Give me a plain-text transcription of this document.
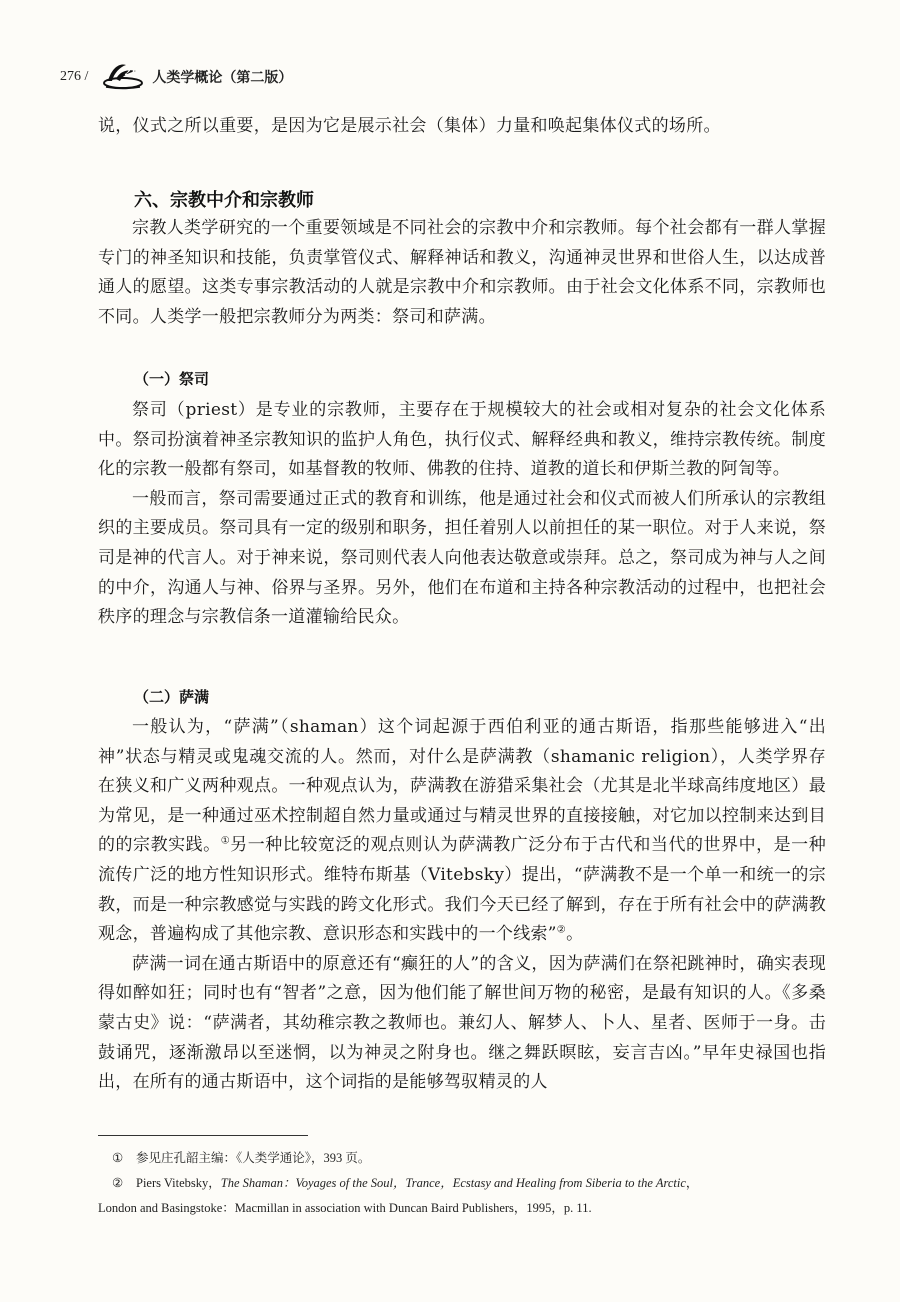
276 /	21 人类学概论（第二版）

说，仪式之所以重要，是因为它是展示社会（集体）力量和唤起集体仪式的场所。

六、宗教中介和宗教师

宗教人类学研究的一个重要领域是不同社会的宗教中介和宗教师。每个社会都有一群人掌握专门的神圣知识和技能，负责掌管仪式、解释神话和教义，沟通神灵世界和世俗人生，以达成普通人的愿望。这类专事宗教活动的人就是宗教中介和宗教师。由于社会文化体系不同，宗教师也不同。人类学一般把宗教师分为两类：祭司和萨满。

（一）祭司

祭司（priest）是专业的宗教师，主要存在于规模较大的社会或相对复杂的社会文化体系中。祭司扮演着神圣宗教知识的监护人角色，执行仪式、解释经典和教义，维持宗教传统。制度化的宗教一般都有祭司，如基督教的牧师、佛教的住持、道教的道长和伊斯兰教的阿訇等。

一般而言，祭司需要通过正式的教育和训练，他是通过社会和仪式而被人们所承认的宗教组织的主要成员。祭司具有一定的级别和职务，担任着别人以前担任的某一职位。对于人来说，祭司是神的代言人。对于神来说，祭司则代表人向他表达敬意或崇拜。总之，祭司成为神与人之间的中介，沟通人与神、俗界与圣界。另外，他们在布道和主持各种宗教活动的过程中，也把社会秩序的理念与宗教信条一道灌输给民众。

（二）萨满

一般认为，“萨满”（shaman）这个词起源于西伯利亚的通古斯语，指那些能够进入“出神”状态与精灵或鬼魂交流的人。然而，对什么是萨满教（shamanic religion），人类学界存在狭义和广义两种观点。一种观点认为，萨满教在游猎采集社会（尤其是北半球高纬度地区）最为常见，是一种通过巫术控制超自然力量或通过与精灵世界的直接接触，对它加以控制来达到目的的宗教实践。①另一种比较宽泛的观点则认为萨满教广泛分布于古代和当代的世界中，是一种流传广泛的地方性知识形式。维特布斯基（Vitebsky）提出，“萨满教不是一个单一和统一的宗教，而是一种宗教感觉与实践的跨文化形式。我们今天已经了解到，存在于所有社会中的萨满教观念，普遍构成了其他宗教、意识形态和实践中的一个线索”②。

萨满一词在通古斯语中的原意还有“癫狂的人”的含义，因为萨满们在祭祀跳神时，确实表现得如醉如狂；同时也有“智者”之意，因为他们能了解世间万物的秘密，是最有知识的人。《多桑蒙古史》说：“萨满者，其幼稚宗教之教师也。兼幻人、解梦人、卜人、星者、医师于一身。击鼓诵咒，逐渐激昂以至迷惘，以为神灵之附身也。继之舞跃暝眩，妄言吉凶。”早年史禄国也指出，在所有的通古斯语中，这个词指的是能够驾驭精灵的人

① 参见庄孔韶主编：《人类学通论》，393 页。

② Piers Vitebsky，The Shaman：Voyages of the Soul，Trance，Ecstasy and Healing from Siberia to the Arctic，

London and Basingstoke：Macmillan in association with Duncan Baird Publishers，1995，p. 11.
